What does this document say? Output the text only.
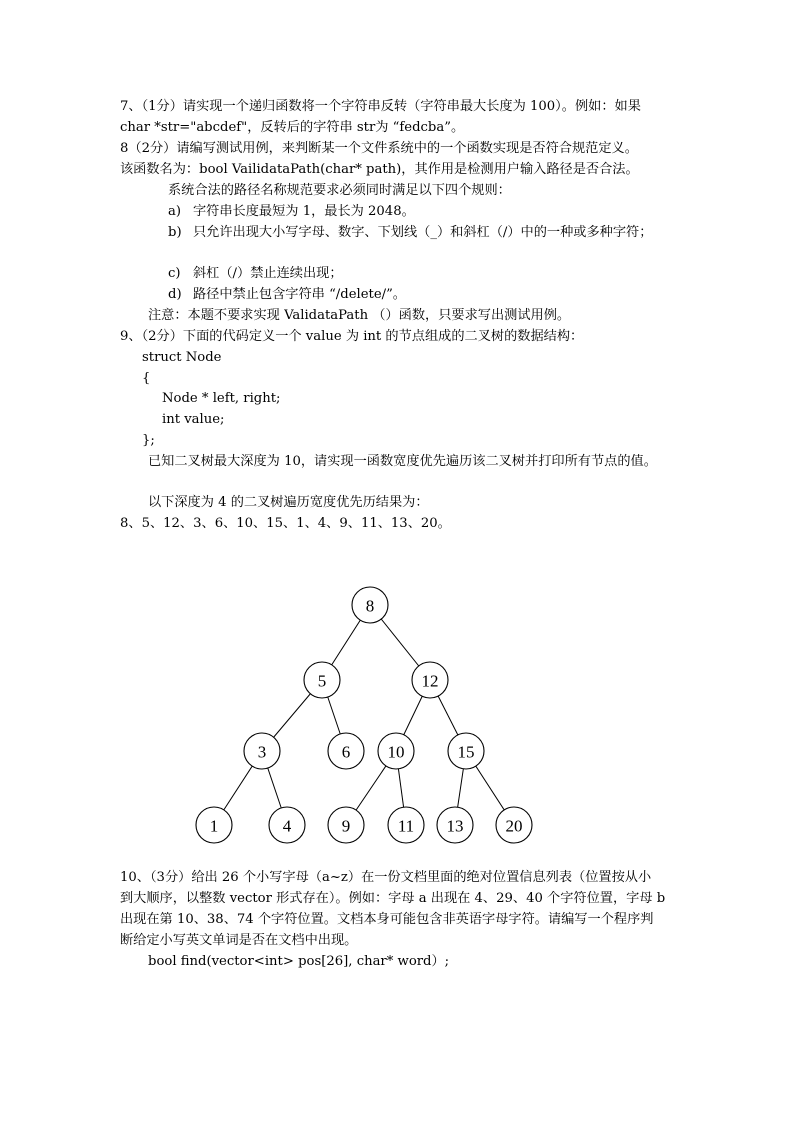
7、（1分）请实现一个递归函数将一个字符串反转（字符串最大长度为 100）。例如：如果
char *str="abcdef"，反转后的字符串 str为 “fedcba”。
8（2分）请编写测试用例，来判断某一个文件系统中的一个函数实现是否符合规范定义。
该函数名为：bool VailidataPath(char* path)，其作用是检测用户输入路径是否合法。
系统合法的路径名称规范要求必须同时满足以下四个规则：
a) 字符串长度最短为 1，最长为 2048。
b) 只允许出现大小写字母、数字、下划线（_）和斜杠（/）中的一种或多种字符；
c) 斜杠（/）禁止连续出现；
d) 路径中禁止包含字符串 “/delete/”。
注意：本题不要求实现 ValidataPath （）函数，只要求写出测试用例。
9、（2分）下面的代码定义一个 value 为 int 的节点组成的二叉树的数据结构：
struct Node
{
Node * left, right;
int value;
};
已知二叉树最大深度为 10，请实现一函数宽度优先遍历该二叉树并打印所有节点的值。
以下深度为 4 的二叉树遍历宽度优先历结果为：
8、5、12、3、6、10、15、1、4、9、11、13、20。
8
5	12
3	6 10	15
1	4	9	11 13 20
10、（3分）给出 26 个小写字母（a~z）在一份文档里面的绝对位置信息列表（位置按从小
到大顺序，以整数 vector 形式存在）。例如：字母 a 出现在 4、29、40 个字符位置，字母 b
出现在第 10、38、74 个字符位置。文档本身可能包含非英语字母字符。请编写一个程序判
断给定小写英文单词是否在文档中出现。
bool find(vector<int> pos[26], char* word）;
